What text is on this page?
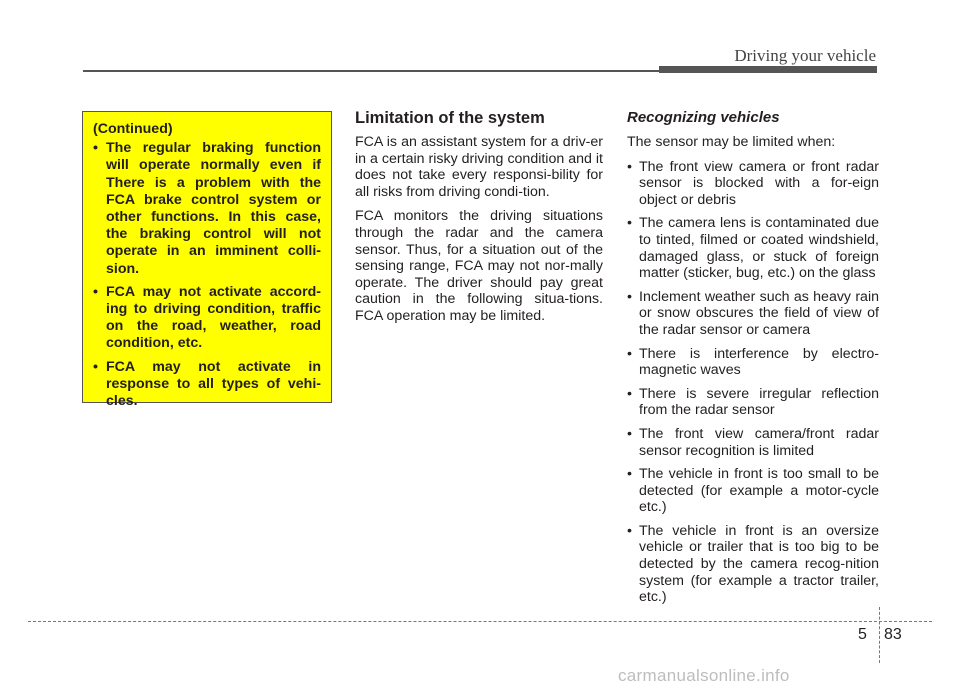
Driving your vehicle
(Continued)
• The regular braking function will operate normally even if There is a problem with the FCA brake control system or other functions. In this case, the braking control will not operate in an imminent colli-sion.
• FCA may not activate accord-ing to driving condition, traffic on the road, weather, road condition, etc.
• FCA may not activate in response to all types of vehi-cles.
Limitation of the system

FCA is an assistant system for a driv-er in a certain risky driving condition and it does not take every responsi-bility for all risks from driving condi-tion.

FCA monitors the driving situations through the radar and the camera sensor. Thus, for a situation out of the sensing range, FCA may not nor-mally operate. The driver should pay great caution in the following situa-tions. FCA operation may be limited.

Recognizing vehicles

The sensor may be limited when:

• The front view camera or front radar sensor is blocked with a for-eign object or debris
• The camera lens is contaminated due to tinted, filmed or coated windshield, damaged glass, or stuck of foreign matter (sticker, bug, etc.) on the glass
• Inclement weather such as heavy rain or snow obscures the field of view of the radar sensor or camera
• There is interference by electro-magnetic waves
• There is severe irregular reflection from the radar sensor
• The front view camera/front radar sensor recognition is limited
• The vehicle in front is too small to be detected (for example a motor-cycle etc.)
• The vehicle in front is an oversize vehicle or trailer that is too big to be detected by the camera recog-nition system (for example a tractor trailer, etc.)
5 83
carmanualsonline.info
